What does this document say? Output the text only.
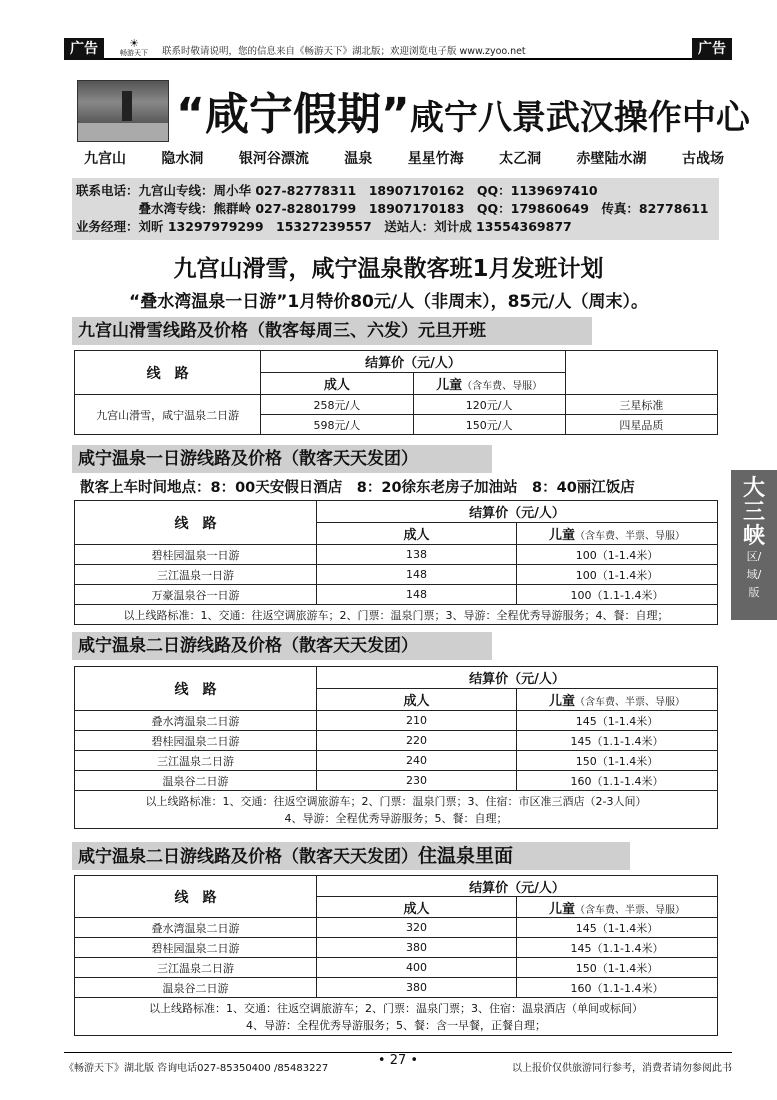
广告	☀
畅游天下	联系时敬请说明，您的信息来自《畅游天下》湖北版；欢迎浏览电子版 www.zyoo.net	广告
“咸宁假期”咸宁八景武汉操作中心
九宫山	隐水洞	银河谷漂流	温泉	星星竹海	太乙洞	赤壁陆水湖	古战场
联系电话：九宫山专线：周小华 027-82778311　18907170162　QQ：1139697410
　　　　　叠水湾专线：熊群岭 027-82801799　18907170183　QQ：179860649　传真：82778611
业务经理：刘昕 13297979299　15327239557　送站人：刘计成 13554369877
九宫山滑雪，咸宁温泉散客班1月发班计划
“叠水湾温泉一日游”1月特价80元/人（非周末），85元/人（周末）。
九宫山滑雪线路及价格（散客每周三、六发）元旦开班
线　路	结算价（元/人）		
	成人	儿童（含车费、导服）	
九宫山滑雪，咸宁温泉二日游	258元/人	120元/人	三星标准
	598元/人	150元/人	四星品质
咸宁温泉一日游线路及价格（散客天天发团）
散客上车时间地点：8：00天安假日酒店　8：20徐东老房子加油站　8：40丽江饭店
线　路	结算价（元/人）	
	成人	儿童（含车费、半票、导服）
碧桂园温泉一日游	138	100（1-1.4米）
三江温泉一日游	148	100（1-1.4米）
万豪温泉谷一日游	148	100（1.1-1.4米）
以上线路标准：1、交通：往返空调旅游车；2、门票：温泉门票；3、导游：全程优秀导游服务；4、餐：自理；		
咸宁温泉二日游线路及价格（散客天天发团）
线　路	结算价（元/人）	
	成人	儿童（含车费、半票、导服）
叠水湾温泉二日游	210	145（1-1.4米）
碧桂园温泉二日游	220	145（1.1-1.4米）
三江温泉二日游	240	150（1-1.4米）
温泉谷二日游	230	160（1.1-1.4米）

以上线路标准：1、交通：往返空调旅游车；2、门票：温泉门票；3、住宿：市区准三酒店（2-3人间）
4、导游：全程优秀导游服务；5、餐：自理；		
咸宁温泉二日游线路及价格（散客天天发团）住温泉里面
线　路	结算价（元/人）	
	成人	儿童（含车费、半票、导服）
叠水湾温泉二日游	320	145（1-1.4米）
碧桂园温泉二日游	380	145（1.1-1.4米）
三江温泉二日游	400	150（1-1.4米）
温泉谷二日游	380	160（1.1-1.4米）

以上线路标准：1、交通：往返空调旅游车；2、门票：温泉门票；3、住宿：温泉酒店（单间或标间）
4、导游：全程优秀导游服务；5、餐：含一早餐，正餐自理；		
大
三
峡
区/
域/
版
《畅游天下》湖北版 咨询电话027-85350400 /85483227
• 27 •
以上报价仅供旅游同行参考，消费者请勿参阅此书
